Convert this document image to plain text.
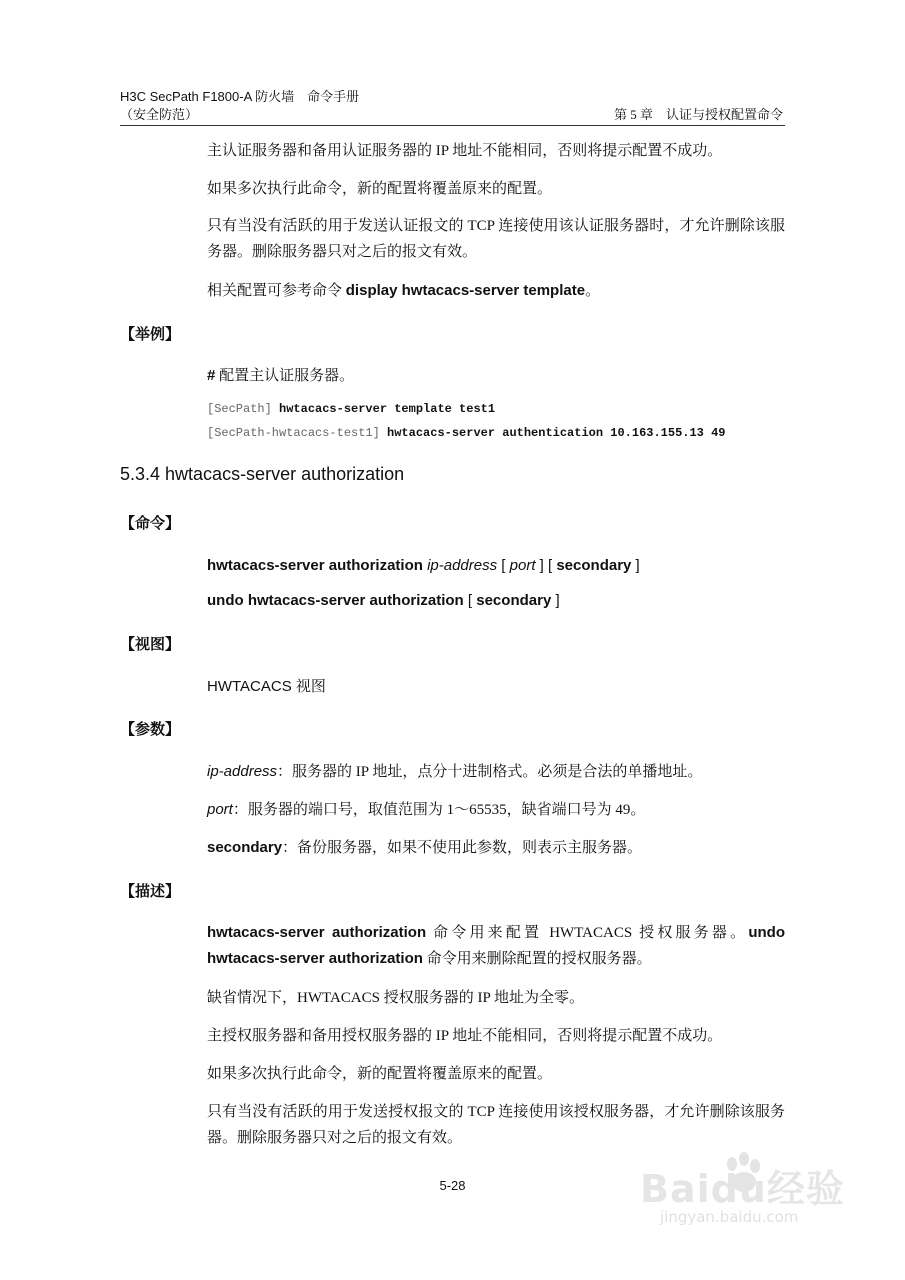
H3C SecPath F1800-A 防火墙　命令手册
（安全防范）	第 5 章　认证与授权配置命令
主认证服务器和备用认证服务器的 IP 地址不能相同，否则将提示配置不成功。
如果多次执行此命令，新的配置将覆盖原来的配置。
只有当没有活跃的用于发送认证报文的 TCP 连接使用该认证服务器时，才允许删除该服务器。删除服务器只对之后的报文有效。
相关配置可参考命令 display hwtacacs-server template。
【举例】
# 配置主认证服务器。
[SecPath] hwtacacs-server template test1
[SecPath-hwtacacs-test1] hwtacacs-server authentication 10.163.155.13 49
5.3.4 hwtacacs-server authorization
【命令】
hwtacacs-server authorization ip-address [ port ] [ secondary ]
undo hwtacacs-server authorization [ secondary ]
【视图】
HWTACACS 视图
【参数】
ip-address：服务器的 IP 地址，点分十进制格式。必须是合法的单播地址。
port：服务器的端口号，取值范围为 1～65535，缺省端口号为 49。
secondary：备份服务器，如果不使用此参数，则表示主服务器。
【描述】
hwtacacs-server authorization 命令用来配置 HWTACACS 授权服务器。undo hwtacacs-server authorization 命令用来删除配置的授权服务器。
缺省情况下，HWTACACS 授权服务器的 IP 地址为全零。
主授权服务器和备用授权服务器的 IP 地址不能相同，否则将提示配置不成功。
如果多次执行此命令，新的配置将覆盖原来的配置。
只有当没有活跃的用于发送授权报文的 TCP 连接使用该授权服务器，才允许删除该服务器。删除服务器只对之后的报文有效。
5-28	Baidu经验
jingyan.baidu.com
